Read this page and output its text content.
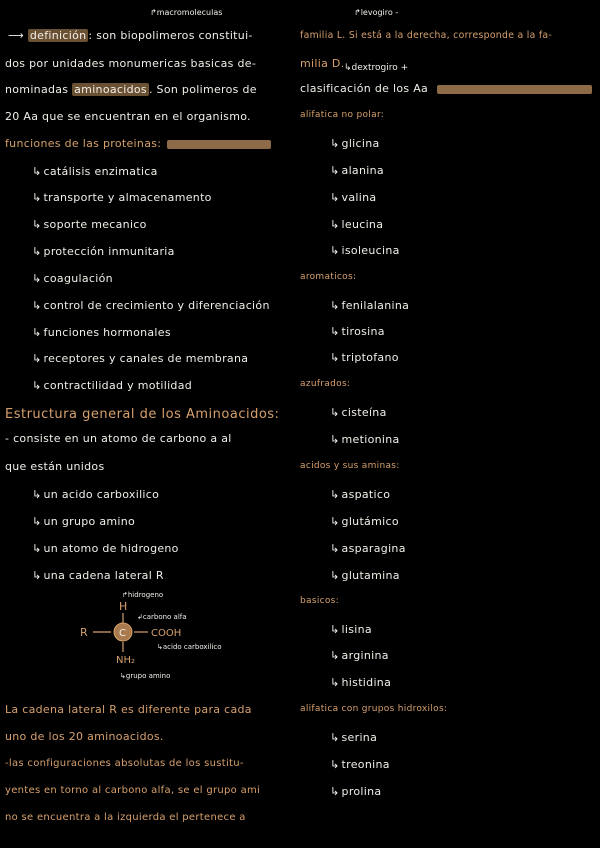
↱macromoleculas
⟶ definición : son biopolimeros constitui-
dos por unidades monumericas basicas de-
nominadas aminoacidos . Son polimeros de
20 Aa que se encuentran en el organismo.
funciones de las proteinas:
↳ catálisis enzimatica
↳ transporte y almacenamento
↳ soporte mecanico
↳ protección inmunitaria
↳ coagulación
↳ control de crecimiento y diferenciación
↳ funciones hormonales
↳ receptores y canales de membrana
↳ contractilidad y motilidad
Estructura general de los Aminoacidos:
- consiste en un atomo de carbono a al
que están unidos
↳ un acido carboxilico
↳ un grupo amino
↳ un atomo de hidrogeno
↳ una cadena lateral R
↱hidrogeno
H
↲carbono alfa
R	C	COOH
↳acido carboxilico
NH₂
↳grupo amino
La cadena lateral R es diferente para cada
uno de los 20 aminoacidos.
-las configuraciones absolutas de los sustitu-
yentes en torno al carbono alfa, se el grupo ami
no se encuentra a la izquierda el pertenece a
↱levogiro -
familia L. Si está a la derecha, corresponde a la fa-
milia D. ↳dextrogiro +
clasificación de los Aa
alifatica no polar:
↳ glicina
↳ alanina
↳ valina
↳ leucina
↳ isoleucina
aromaticos:
↳ fenilalanina
↳ tirosina
↳ triptofano
azufrados:
↳ cisteína
↳ metionina
acidos y sus aminas:
↳ aspatico
↳ glutámico
↳ asparagina
↳ glutamina
basicos:
↳ lisina
↳ arginina
↳ histidina
alifatica con grupos hidroxilos:
↳ serina
↳ treonina
↳ prolina
